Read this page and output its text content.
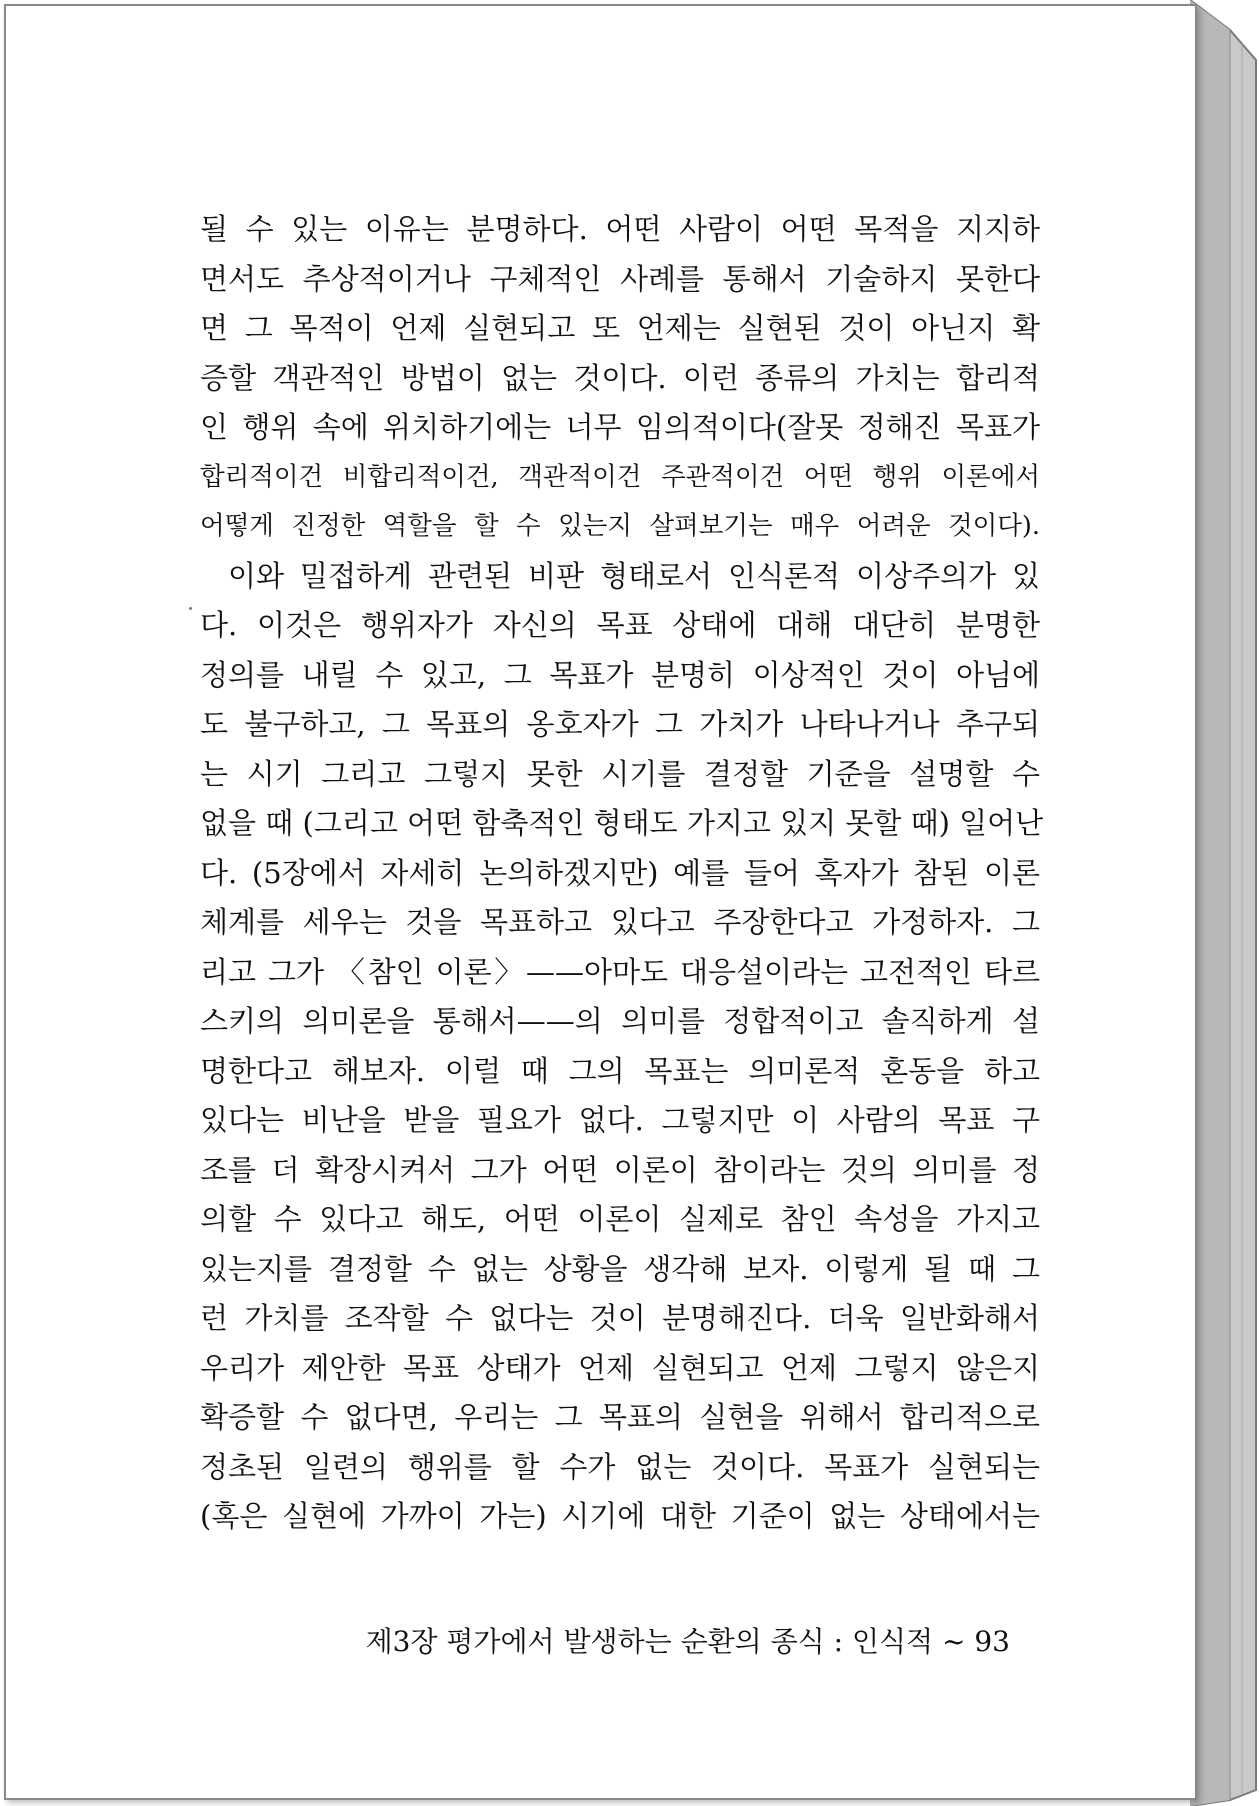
될 수 있는 이유는 분명하다. 어떤 사람이 어떤 목적을 지지하
면서도 추상적이거나 구체적인 사례를 통해서 기술하지 못한다
면 그 목적이 언제 실현되고 또 언제는 실현된 것이 아닌지 확
증할 객관적인 방법이 없는 것이다. 이런 종류의 가치는 합리적
인 행위 속에 위치하기에는 너무 임의적이다(잘못 정해진 목표가
합리적이건 비합리적이건, 객관적이건 주관적이건 어떤 행위 이론에서
어떻게 진정한 역할을 할 수 있는지 살펴보기는 매우 어려운 것이다).
이와 밀접하게 관련된 비판 형태로서 인식론적 이상주의가 있
다. 이것은 행위자가 자신의 목표 상태에 대해 대단히 분명한
정의를 내릴 수 있고, 그 목표가 분명히 이상적인 것이 아님에
도 불구하고, 그 목표의 옹호자가 그 가치가 나타나거나 추구되
는 시기 그리고 그렇지 못한 시기를 결정할 기준을 설명할 수
없을 때 (그리고 어떤 함축적인 형태도 가지고 있지 못할 때) 일어난
다. (5장에서 자세히 논의하겠지만) 예를 들어 혹자가 참된 이론
체계를 세우는 것을 목표하고 있다고 주장한다고 가정하자. 그
리고 그가 〈참인 이론〉——아마도 대응설이라는 고전적인 타르
스키의 의미론을 통해서——의 의미를 정합적이고 솔직하게 설
명한다고 해보자. 이럴 때 그의 목표는 의미론적 혼동을 하고
있다는 비난을 받을 필요가 없다. 그렇지만 이 사람의 목표 구
조를 더 확장시켜서 그가 어떤 이론이 참이라는 것의 의미를 정
의할 수 있다고 해도, 어떤 이론이 실제로 참인 속성을 가지고
있는지를 결정할 수 없는 상황을 생각해 보자. 이렇게 될 때 그
런 가치를 조작할 수 없다는 것이 분명해진다. 더욱 일반화해서
우리가 제안한 목표 상태가 언제 실현되고 언제 그렇지 않은지
확증할 수 없다면, 우리는 그 목표의 실현을 위해서 합리적으로
정초된 일련의 행위를 할 수가 없는 것이다. 목표가 실현되는
(혹은 실현에 가까이 가는) 시기에 대한 기준이 없는 상태에서는
제3장 평가에서 발생하는 순환의 종식 : 인식적 ~ 93
